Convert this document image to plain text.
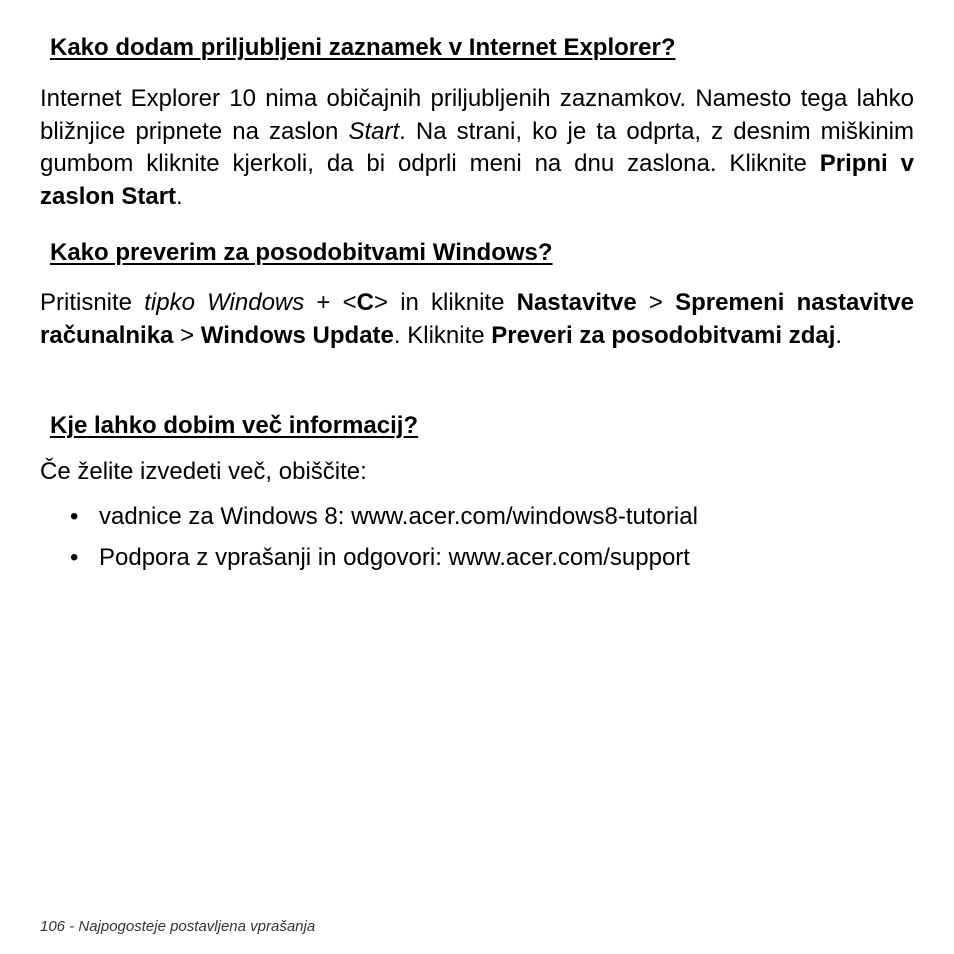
Kako dodam priljubljeni zaznamek v Internet Explorer?

Internet Explorer 10 nima običajnih priljubljenih zaznamkov. Namesto tega lahko bližnjice pripnete na zaslon Start. Na strani, ko je ta odprta, z desnim miškinim gumbom kliknite kjerkoli, da bi odprli meni na dnu zaslona. Kliknite Pripni v zaslon Start.

Kako preverim za posodobitvami Windows?

Pritisnite tipko Windows + <C> in kliknite Nastavitve > Spremeni nastavitve računalnika > Windows Update. Kliknite Preveri za posodobitvami zdaj.

Kje lahko dobim več informacij?

Če želite izvedeti več, obiščite:

• vadnice za Windows 8: www.acer.com/windows8-tutorial
• Podpora z vprašanji in odgovori: www.acer.com/support
106 - Najpogosteje postavljena vprašanja
